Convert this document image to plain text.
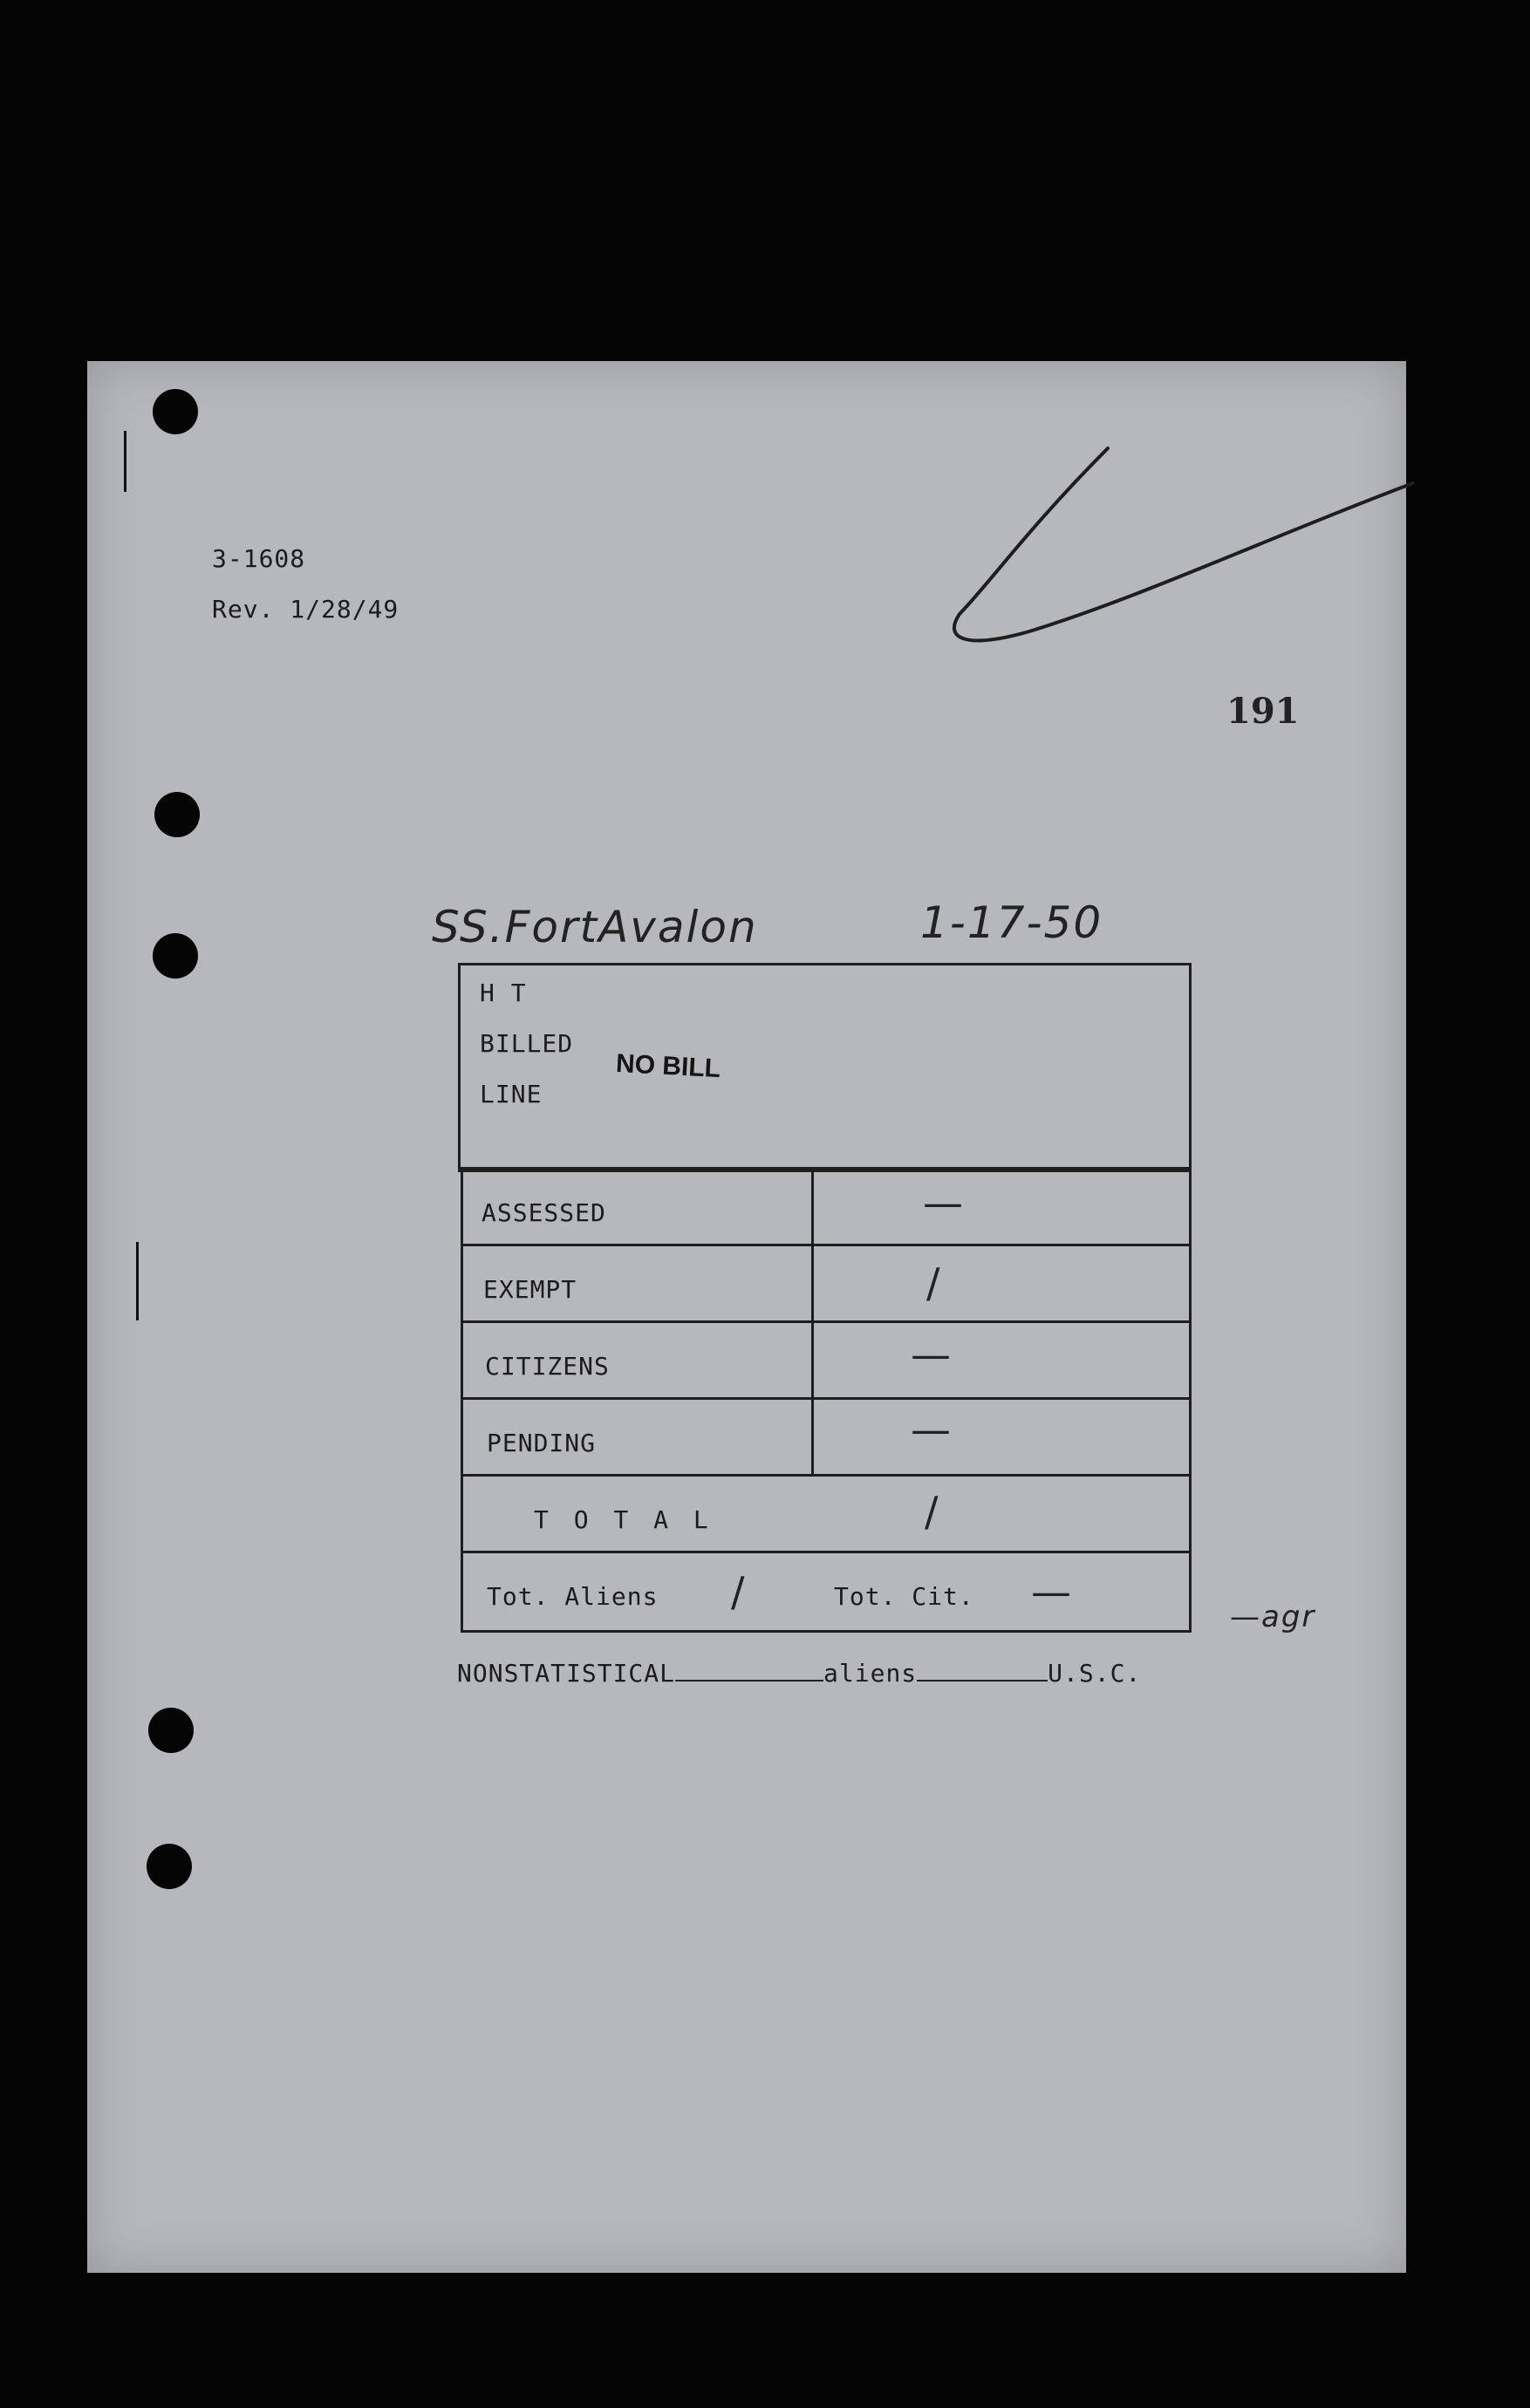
3-1608
Rev. 1/28/49
191
SS.FortAvalon	1-17-50
H T
BILLED
LINE
NO BILL
ASSESSED	—
EXEMPT	/
CITIZENS	—
PENDING	—
T O T A L	/
Tot. Aliens /	Tot. Cit. —
—agr
NONSTATISTICAL	aliens	U.S.C.
